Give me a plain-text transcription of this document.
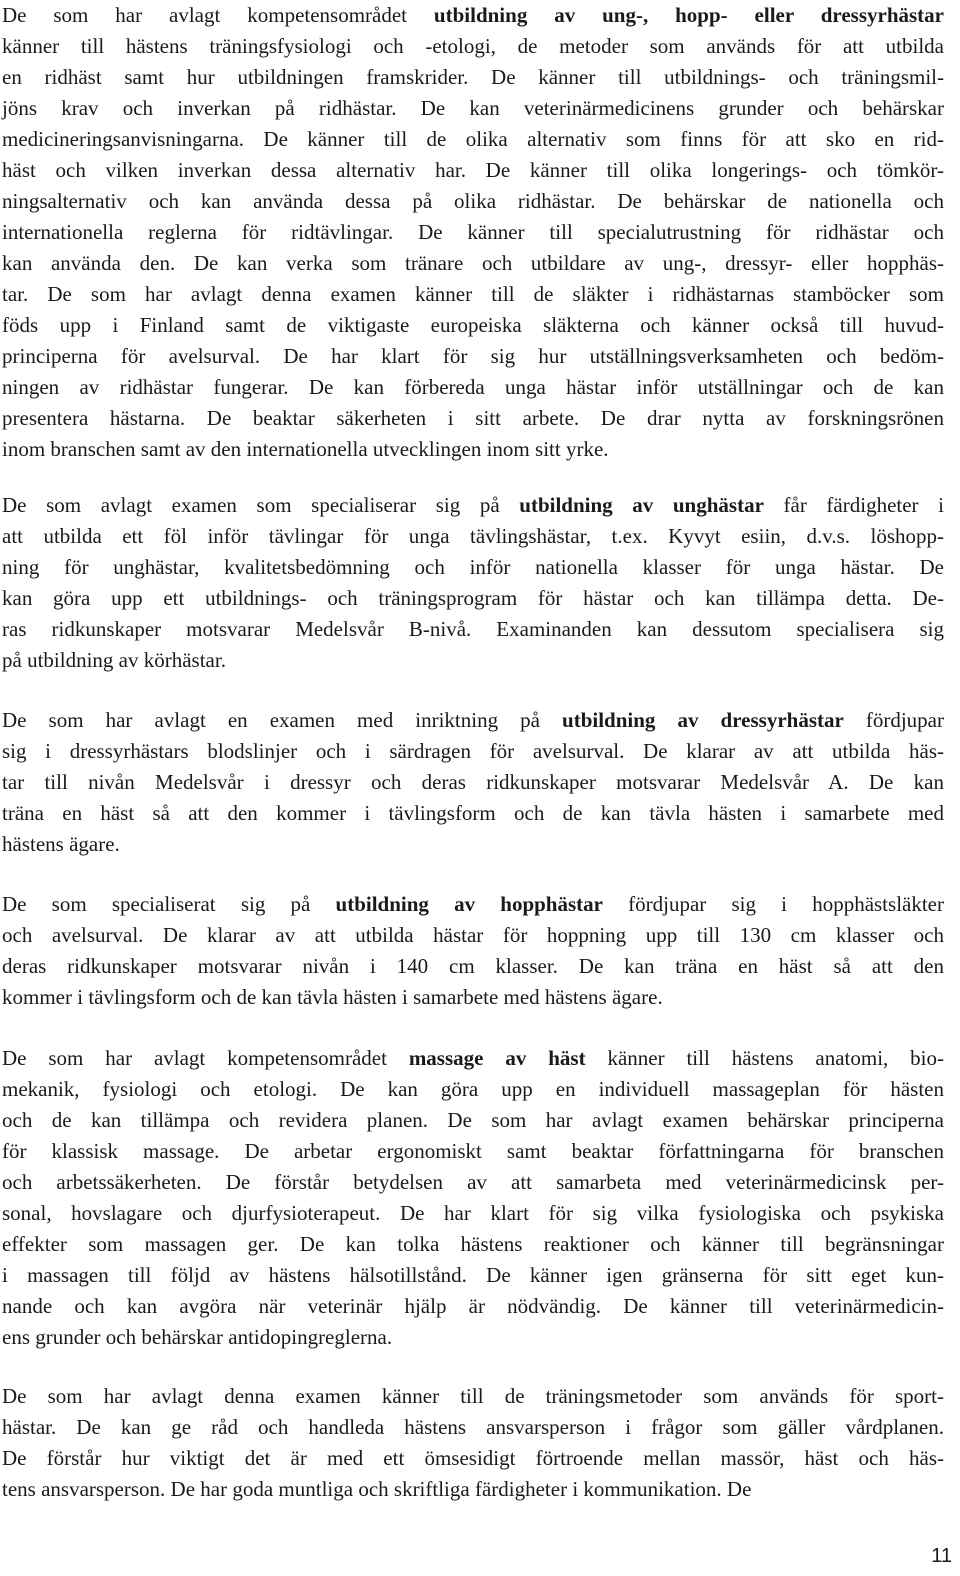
De som har avlagt kompetensområdet utbildning av ung-, hopp- eller dressyrhästar
känner till hästens träningsfysiologi och -etologi, de metoder som används för att utbilda
en ridhäst samt hur utbildningen framskrider. De känner till utbildnings- och träningsmil-
jöns krav och inverkan på ridhästar. De kan veterinärmedicinens grunder och behärskar
medicineringsanvisningarna. De känner till de olika alternativ som finns för att sko en rid-
häst och vilken inverkan dessa alternativ har. De känner till olika longerings- och tömkör-
ningsalternativ och kan använda dessa på olika ridhästar. De behärskar de nationella och
internationella reglerna för ridtävlingar. De känner till specialutrustning för ridhästar och
kan använda den. De kan verka som tränare och utbildare av ung-, dressyr- eller hopphäs-
tar. De som har avlagt denna examen känner till de släkter i ridhästarnas stamböcker som
föds upp i Finland samt de viktigaste europeiska släkterna och känner också till huvud-
principerna för avelsurval. De har klart för sig hur utställningsverksamheten och bedöm-
ningen av ridhästar fungerar. De kan förbereda unga hästar inför utställningar och de kan
presentera hästarna. De beaktar säkerheten i sitt arbete. De drar nytta av forskningsrönen
inom branschen samt av den internationella utvecklingen inom sitt yrke.
De som avlagt examen som specialiserar sig på utbildning av unghästar får färdigheter i
att utbilda ett föl inför tävlingar för unga tävlingshästar, t.ex. Kyvyt esiin, d.v.s. löshopp-
ning för unghästar, kvalitetsbedömning och inför nationella klasser för unga hästar. De
kan göra upp ett utbildnings- och träningsprogram för hästar och kan tillämpa detta. De-
ras ridkunskaper motsvarar Medelsvår B-nivå. Examinanden kan dessutom specialisera sig
på utbildning av körhästar.
De som har avlagt en examen med inriktning på utbildning av dressyrhästar fördjupar
sig i dressyrhästars blodslinjer och i särdragen för avelsurval. De klarar av att utbilda häs-
tar till nivån Medelsvår i dressyr och deras ridkunskaper motsvarar Medelsvår A. De kan
träna en häst så att den kommer i tävlingsform och de kan tävla hästen i samarbete med
hästens ägare.
De som specialiserat sig på utbildning av hopphästar fördjupar sig i hopphästsläkter
och avelsurval. De klarar av att utbilda hästar för hoppning upp till 130 cm klasser och
deras ridkunskaper motsvarar nivån i 140 cm klasser. De kan träna en häst så att den
kommer i tävlingsform och de kan tävla hästen i samarbete med hästens ägare.
De som har avlagt kompetensområdet massage av häst känner till hästens anatomi, bio-
mekanik, fysiologi och etologi. De kan göra upp en individuell massageplan för hästen
och de kan tillämpa och revidera planen. De som har avlagt examen behärskar principerna
för klassisk massage. De arbetar ergonomiskt samt beaktar författningarna för branschen
och arbetssäkerheten. De förstår betydelsen av att samarbeta med veterinärmedicinsk per-
sonal, hovslagare och djurfysioterapeut. De har klart för sig vilka fysiologiska och psykiska
effekter som massagen ger. De kan tolka hästens reaktioner och känner till begränsningar
i massagen till följd av hästens hälsotillstånd. De känner igen gränserna för sitt eget kun-
nande och kan avgöra när veterinär hjälp är nödvändig. De känner till veterinärmedicin-
ens grunder och behärskar antidopingreglerna.
De som har avlagt denna examen känner till de träningsmetoder som används för sport-
hästar. De kan ge råd och handleda hästens ansvarsperson i frågor som gäller vårdplanen.
De förstår hur viktigt det är med ett ömsesidigt förtroende mellan massör, häst och häs-
tens ansvarsperson. De har goda muntliga och skriftliga färdigheter i kommunikation. De
11
